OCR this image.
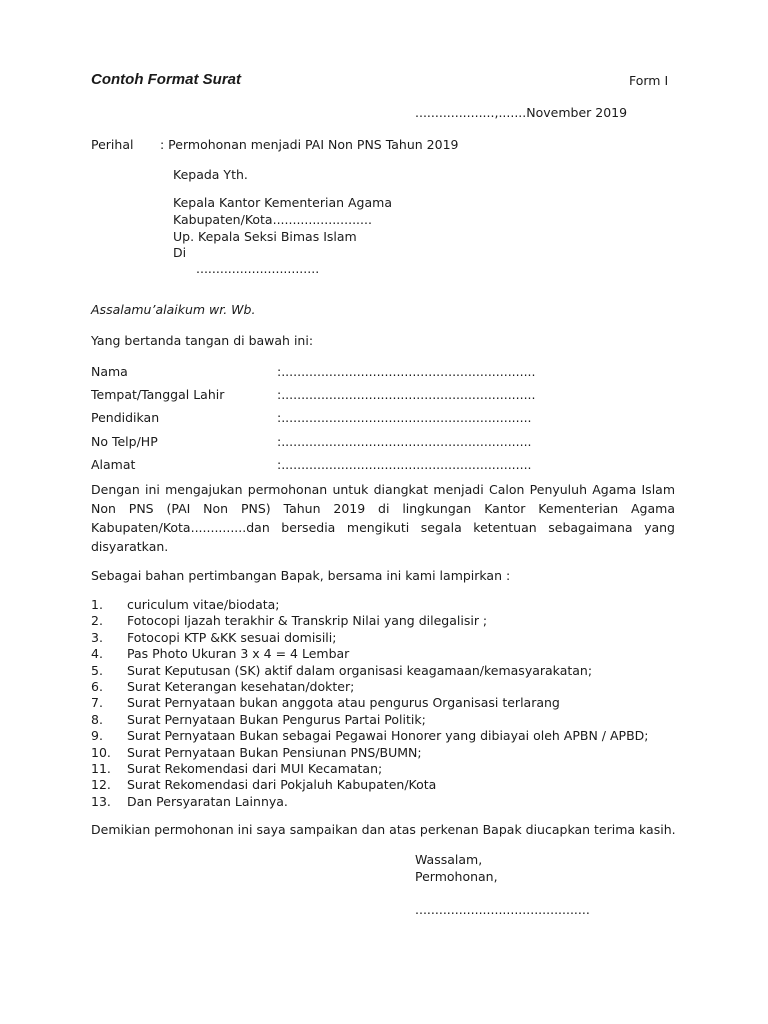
Contoh Format Surat	Form I
....................,.......November 2019
Perihal : Permohonan menjadi PAI Non PNS Tahun 2019
Kepada Yth.
Kepala Kantor Kementerian Agama
Kabupaten/Kota.........................
Up. Kepala Seksi Bimas Islam
Di
...............................
Assalamu’alaikum wr. Wb.
Yang bertanda tangan di bawah ini:
Nama	:................................................................
Tempat/Tanggal Lahir	:................................................................
Pendidikan	:...............................................................
No Telp/HP	:...............................................................
Alamat	:...............................................................
Dengan ini mengajukan permohonan untuk diangkat menjadi Calon Penyuluh Agama Islam Non PNS (PAI Non PNS) Tahun 2019 di lingkungan Kantor Kementerian Agama Kabupaten/Kota..............dan bersedia mengikuti segala ketentuan sebagaimana yang disyaratkan.
Sebagai bahan pertimbangan Bapak, bersama ini kami lampirkan :
1. curiculum vitae/biodata;
2. Fotocopi Ijazah terakhir & Transkrip Nilai yang dilegalisir ;
3. Fotocopi KTP &KK sesuai domisili;
4. Pas Photo Ukuran 3 x 4 = 4 Lembar
5. Surat Keputusan (SK) aktif dalam organisasi keagamaan/kemasyarakatan;
6. Surat Keterangan kesehatan/dokter;
7. Surat Pernyataan bukan anggota atau pengurus Organisasi terlarang
8. Surat Pernyataan Bukan Pengurus Partai Politik;
9. Surat Pernyataan Bukan sebagai Pegawai Honorer yang dibiayai oleh APBN / APBD;
10. Surat Pernyataan Bukan Pensiunan PNS/BUMN;
11. Surat Rekomendasi dari MUI Kecamatan;
12. Surat Rekomendasi dari Pokjaluh Kabupaten/Kota
13. Dan Persyaratan Lainnya.
Demikian permohonan ini saya sampaikan dan atas perkenan Bapak diucapkan terima kasih.
Wassalam,
Permohonan,
............................................
